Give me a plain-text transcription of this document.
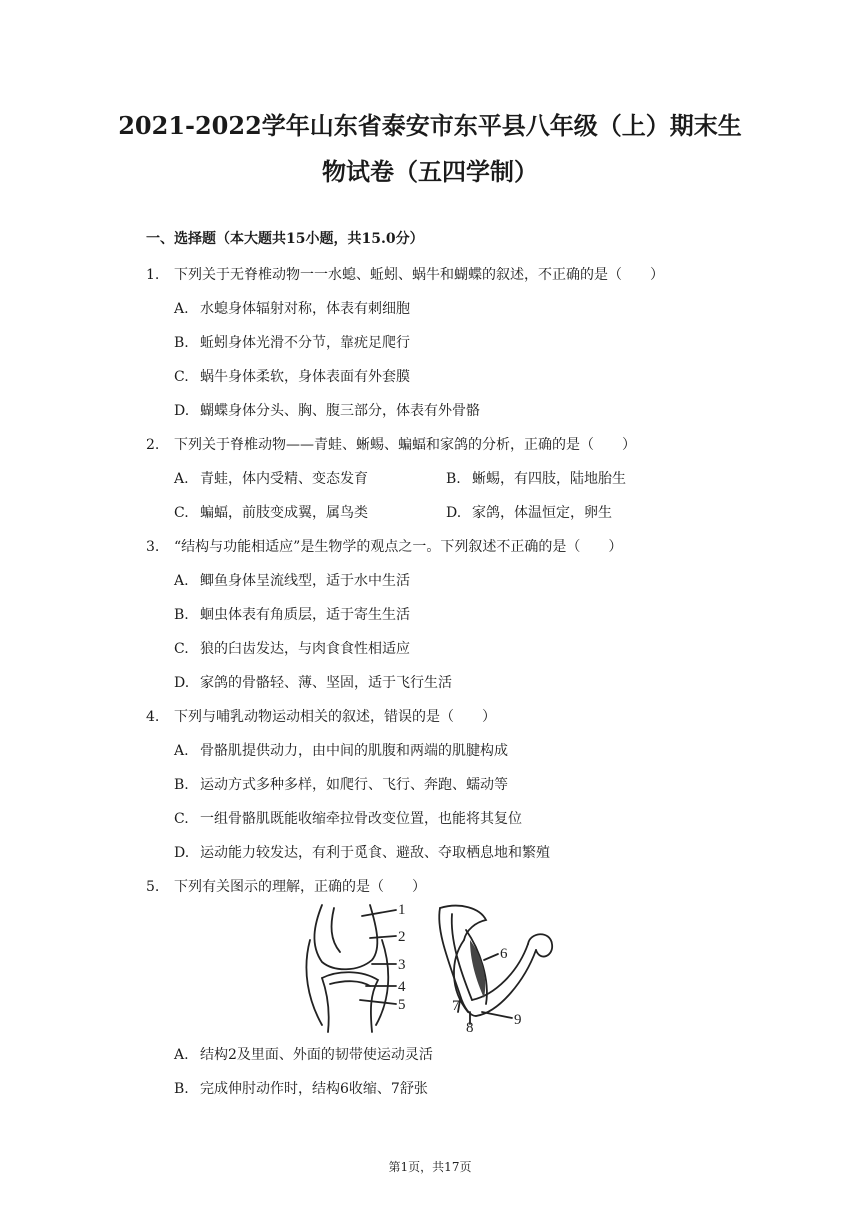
2021-2022学年山东省泰安市东平县八年级（上）期末生
物试卷（五四学制）
一、选择题（本大题共15小题，共15.0分）
1. 下列关于无脊椎动物一一水螅、蚯蚓、蜗牛和蝴蝶的叙述，不正确的是（　　）
A. 水螅身体辐射对称，体表有刺细胞
B. 蚯蚓身体光滑不分节，靠疣足爬行
C. 蜗牛身体柔软，身体表面有外套膜
D. 蝴蝶身体分头、胸、腹三部分，体表有外骨骼
2. 下列关于脊椎动物——青蛙、蜥蜴、蝙蝠和家鸽的分析，正确的是（　　）
A. 青蛙，体内受精、变态发育	B. 蜥蜴，有四肢，陆地胎生
C. 蝙蝠，前肢变成翼，属鸟类	D. 家鸽，体温恒定，卵生
3. “结构与功能相适应”是生物学的观点之一。下列叙述不正确的是（　　）
A. 鲫鱼身体呈流线型，适于水中生活
B. 蛔虫体表有角质层，适于寄生生活
C. 狼的臼齿发达，与肉食食性相适应
D. 家鸽的骨骼轻、薄、坚固，适于飞行生活
4. 下列与哺乳动物运动相关的叙述，错误的是（　　）
A. 骨骼肌提供动力，由中间的肌腹和两端的肌腱构成
B. 运动方式多种多样，如爬行、飞行、奔跑、蠕动等
C. 一组骨骼肌既能收缩牵拉骨改变位置，也能将其复位
D. 运动能力较发达，有利于觅食、避敌、夺取栖息地和繁殖
5. 下列有关图示的理解，正确的是（　　）
1
2
3
4
5
6
7
8	9
A. 结构2及里面、外面的韧带使运动灵活
B. 完成伸肘动作时，结构6收缩、7舒张
第1页，共17页
